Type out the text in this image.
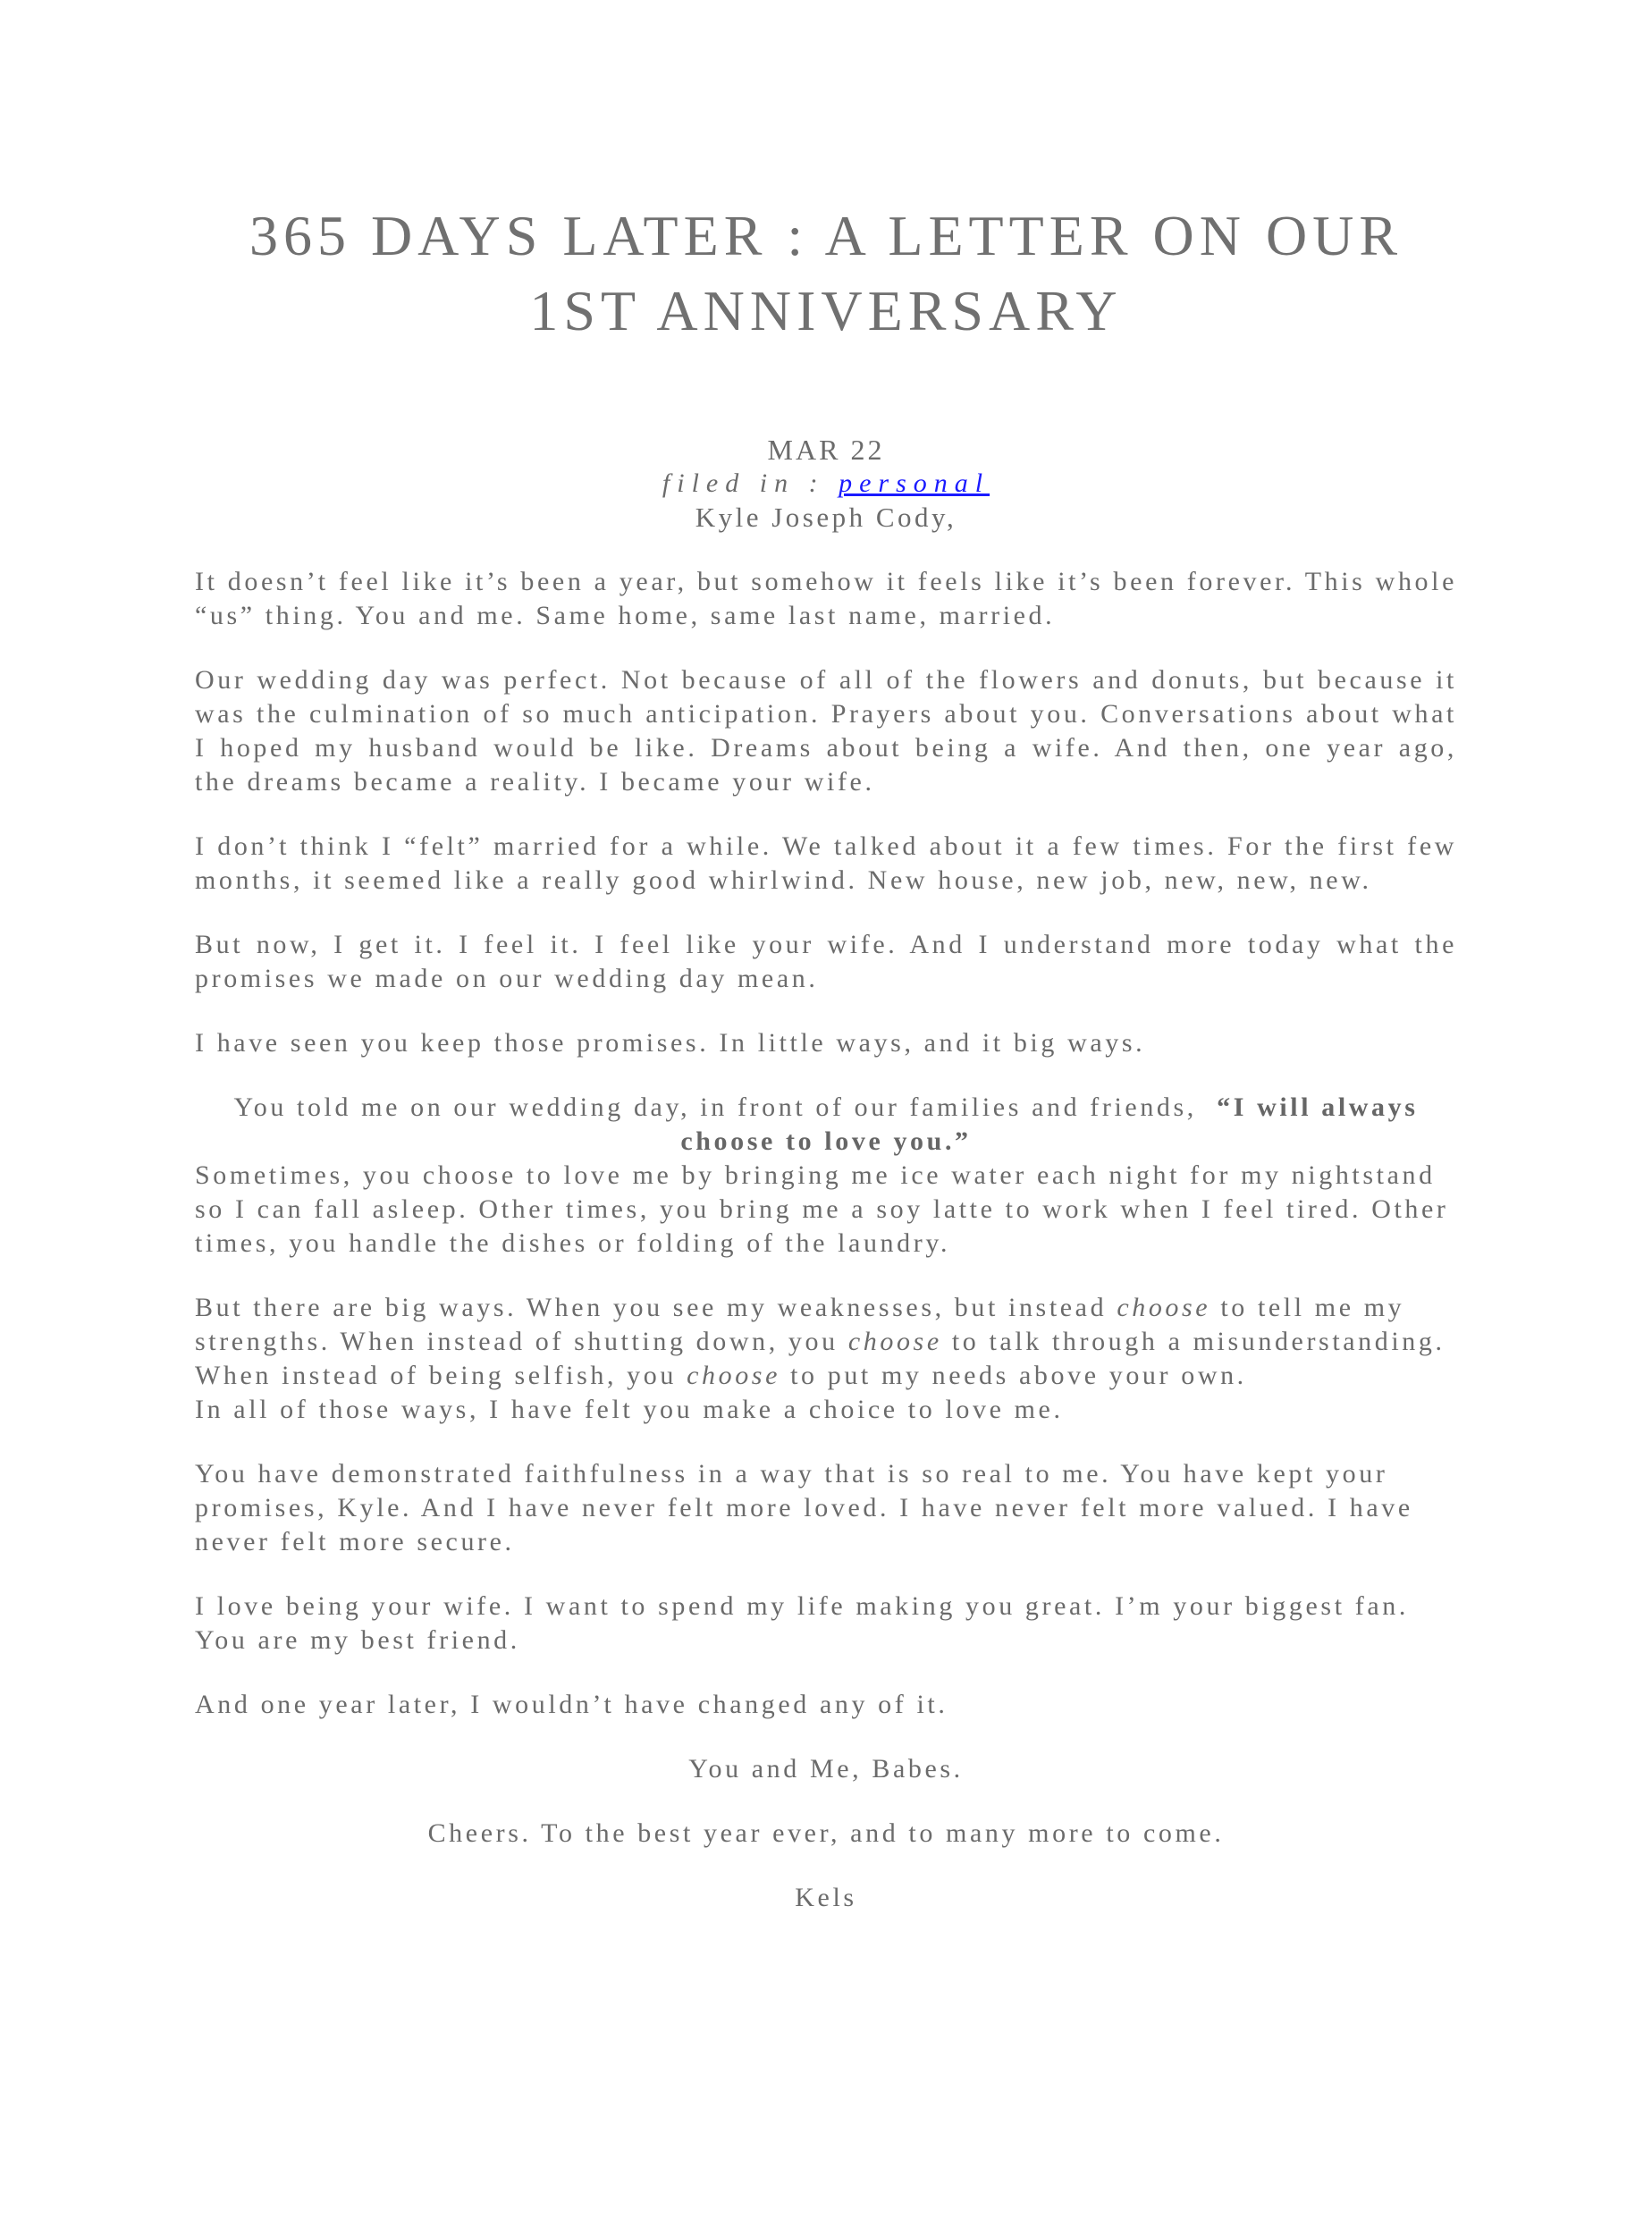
365 DAYS LATER : A LETTER ON OUR
1ST ANNIVERSARY
MAR 22
filed in : personal
Kyle Joseph Cody,

It doesn’t feel like it’s been a year, but somehow it feels like it’s been forever. This whole “us” thing. You and me. Same home, same last name, married.

Our wedding day was perfect. Not because of all of the flowers and donuts, but because it was the culmination of so much anticipation. Prayers about you. Conversations about what I hoped my husband would be like. Dreams about being a wife. And then, one year ago, the dreams became a reality. I became your wife.

I don’t think I “felt” married for a while. We talked about it a few times. For the first few months, it seemed like a really good whirlwind. New house, new job, new, new, new.

But now, I get it. I feel it. I feel like your wife. And I understand more today what the promises we made on our wedding day mean.

I have seen you keep those promises. In little ways, and it big ways.

You told me on our wedding day, in front of our families and friends, “I will always choose to love you.”

Sometimes, you choose to love me by bringing me ice water each night for my nightstand so I can fall asleep. Other times, you bring me a soy latte to work when I feel tired. Other times, you handle the dishes or folding of the laundry.

But there are big ways. When you see my weaknesses, but instead choose to tell me my strengths. When instead of shutting down, you choose to talk through a misunderstanding. When instead of being selfish, you choose to put my needs above your own.

In all of those ways, I have felt you make a choice to love me.

You have demonstrated faithfulness in a way that is so real to me. You have kept your promises, Kyle. And I have never felt more loved. I have never felt more valued. I have never felt more secure.

I love being your wife. I want to spend my life making you great. I’m your biggest fan. You are my best friend.

And one year later, I wouldn’t have changed any of it.

You and Me, Babes.

Cheers. To the best year ever, and to many more to come.

Kels
